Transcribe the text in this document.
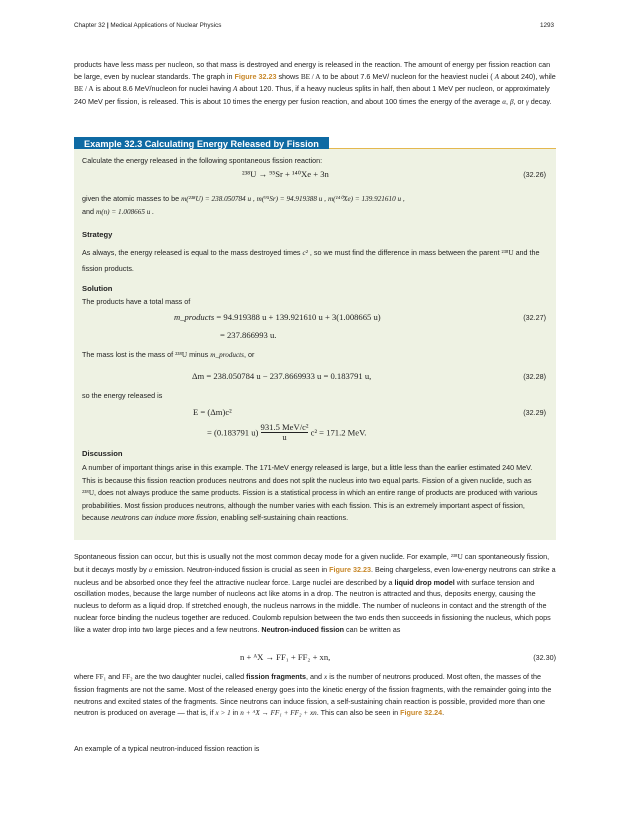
Chapter 32 | Medical Applications of Nuclear Physics	1293

products have less mass per nucleon, so that mass is destroyed and energy is released in the reaction. The amount of energy per fission reaction can be large, even by nuclear standards. The graph in Figure 32.23 shows BE / A to be about 7.6 MeV/ nucleon for the heaviest nuclei ( A about 240), while BE / A is about 8.6 MeV/nucleon for nuclei having A about 120. Thus, if a heavy nucleus splits in half, then about 1 MeV per nucleon, or approximately 240 MeV per fission, is released. This is about 10 times the energy per fusion reaction, and about 100 times the energy of the average α, β, or γ decay.

Example 32.3 Calculating Energy Released by Fission
Calculate the energy released in the following spontaneous fission reaction:
²³⁸U → ⁹⁵Sr + ¹⁴⁰Xe + 3n	(32.26)
given the atomic masses to be m(²³⁸U) = 238.050784 u , m(⁹⁵Sr) = 94.919388 u , m(¹⁴⁰Xe) = 139.921610 u ,
and m(n) = 1.008665 u .
Strategy
As always, the energy released is equal to the mass destroyed times c² , so we must find the difference in mass between the parent ²³⁸U and the fission products.
Solution
The products have a total mass of
m_products = 94.919388 u + 139.921610 u + 3(1.008665 u)
= 237.866993 u.
(32.27)
The mass lost is the mass of ²³⁸U minus m_products, or
Δm = 238.050784 u − 237.8669933 u = 0.183791 u,	(32.28)
so the energy released is
E = (Δm)c²	(32.29)
= (0.183791 u)
931.5 MeV/c²
u	c² = 171.2 MeV.
Discussion
A number of important things arise in this example. The 171-MeV energy released is large, but a little less than the earlier estimated 240 MeV. This is because this fission reaction produces neutrons and does not split the nucleus into two equal parts. Fission of a given nuclide, such as ²³⁸U, does not always produce the same products. Fission is a statistical process in which an entire range of products are produced with various probabilities. Most fission produces neutrons, although the number varies with each fission. This is an extremely important aspect of fission, because neutrons can induce more fission, enabling self-sustaining chain reactions.

Spontaneous fission can occur, but this is usually not the most common decay mode for a given nuclide. For example, ²³⁸U can spontaneously fission, but it decays mostly by α emission. Neutron-induced fission is crucial as seen in Figure 32.23. Being chargeless, even low-energy neutrons can strike a nucleus and be absorbed once they feel the attractive nuclear force. Large nuclei are described by a liquid drop model with surface tension and oscillation modes, because the large number of nucleons act like atoms in a drop. The neutron is attracted and thus, deposits energy, causing the nucleus to deform as a liquid drop. If stretched enough, the nucleus narrows in the middle. The number of nucleons in contact and the strength of the nuclear force binding the nucleus together are reduced. Coulomb repulsion between the two ends then succeeds in fissioning the nucleus, which pops like a water drop into two large pieces and a few neutrons. Neutron-induced fission can be written as

n + ᴬX → FF₁ + FF₂ + xn,	(32.30)

where FF₁ and FF₂ are the two daughter nuclei, called fission fragments, and x is the number of neutrons produced. Most often, the masses of the fission fragments are not the same. Most of the released energy goes into the kinetic energy of the fission fragments, with the remainder going into the neutrons and excited states of the fragments. Since neutrons can induce fission, a self-sustaining chain reaction is possible, provided more than one neutron is produced on average — that is, if x > 1 in n + ᴬX → FF₁ + FF₂ + xn. This can also be seen in Figure 32.24.

An example of a typical neutron-induced fission reaction is
